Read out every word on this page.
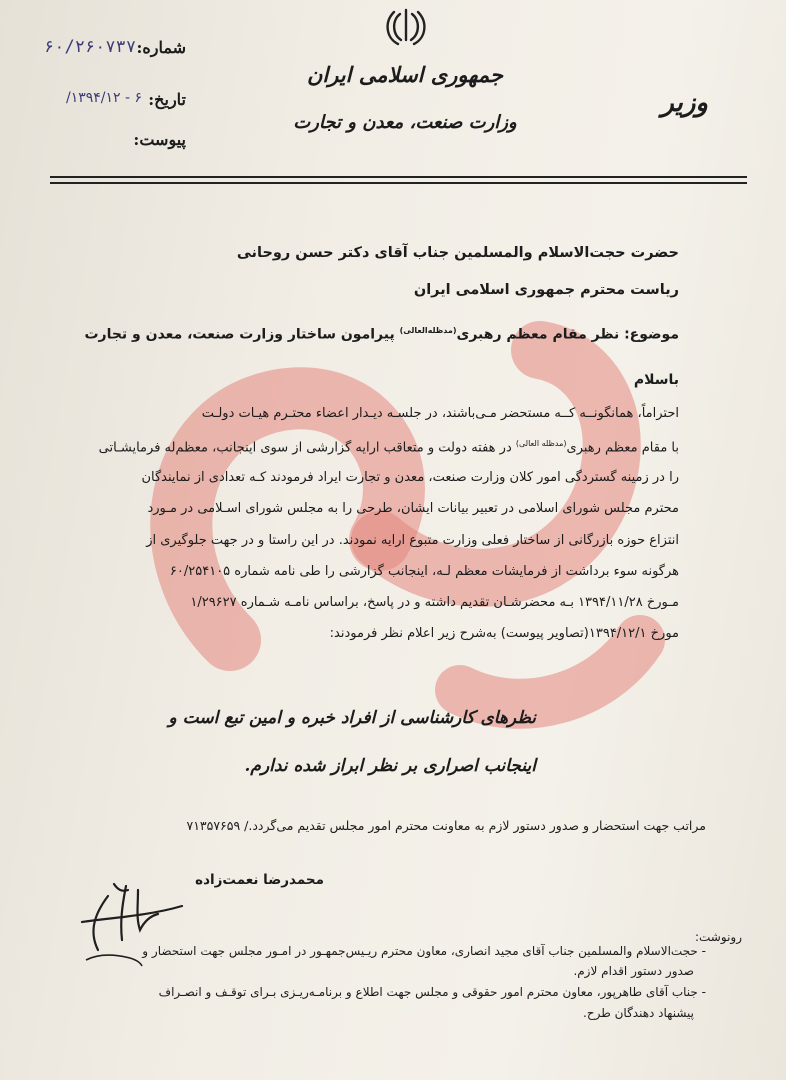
شماره:
۶۰/۲۶۰۷۳۷
تاریخ:
۶ - ۱۳۹۴/۱۲/
پیوست:
جمهوری اسلامی ایران
وزارت صنعت، معدن و تجارت
وزیر
حضرت حجت‌الاسلام والمسلمین جناب آقای دکتر حسن روحانی
ریاست محترم جمهوری اسلامی ایران
موضوع: نظر مقام معظم رهبری$^{(مدظله‌العالی)}$ پیرامون ساختار وزارت صنعت، معدن و تجارت
باسلام
احتراماً، همانگونــه کــه مستحضر مـی‌باشند، در جلسـه دیـدار اعضاء محتـرم هیـات دولـت
با مقام معظم رهبری$^{(مدظله العالی)}$ در هفته دولت و متعاقب ارایه گزارشی از سوی اینجانب، معظم‌له فرمایشـاتی
را در زمینه گستردگی امور کلان وزارت صنعت، معدن و تجارت ایراد فرمودند کـه تعدادی از نمایندگان
محترم مجلس شورای اسلامی در تعبیر بیانات ایشان، طرحی را به مجلس شورای اسـلامی در مـورد
انتزاع حوزه بازرگانی از ساختار فعلی وزارت متبوع ارایه نمودند. در این راستا و در جهت جلوگیری از
هرگونه سوء برداشت از فرمایشات معظم لـه، اینجانب گزارشی را طی نامه شماره ۶۰/۲۵۴۱۰۵
مـورخ ۱۳۹۴/۱۱/۲۸ بـه محضرشـان تقدیم داشته و در پاسخ، براساس نامـه شـماره ۱/۲۹۶۲۷
مورخ ۱۳۹۴/۱۲/۱(تصاویر پیوست) به‌شرح زیر اعلام نظر فرمودند:
نظرهای کارشناسی از افراد خبره و امین تبع است و
اینجانب اصراری بر نظر ابراز شده ندارم.
مراتب جهت استحضار و صدور دستور لازم به معاونت محترم امور مجلس تقدیم می‌گردد./ ۷۱۳۵۷۶۵۹
محمدرضا نعمت‌زاده
رونوشت:
- حجت‌الاسلام والمسلمین جناب آقای مجید انصاری، معاون محترم ریـیس‌جمهـور در امـور مجلس جهت استحضار و
صدور دستور اقدام لازم.
- جناب آقای طاهرپور، معاون محترم امور حقوقی و مجلس جهت اطلاع و برنامـه‌ریـزی بـرای توقـف و انصـراف
پیشنهاد دهندگان طرح.
